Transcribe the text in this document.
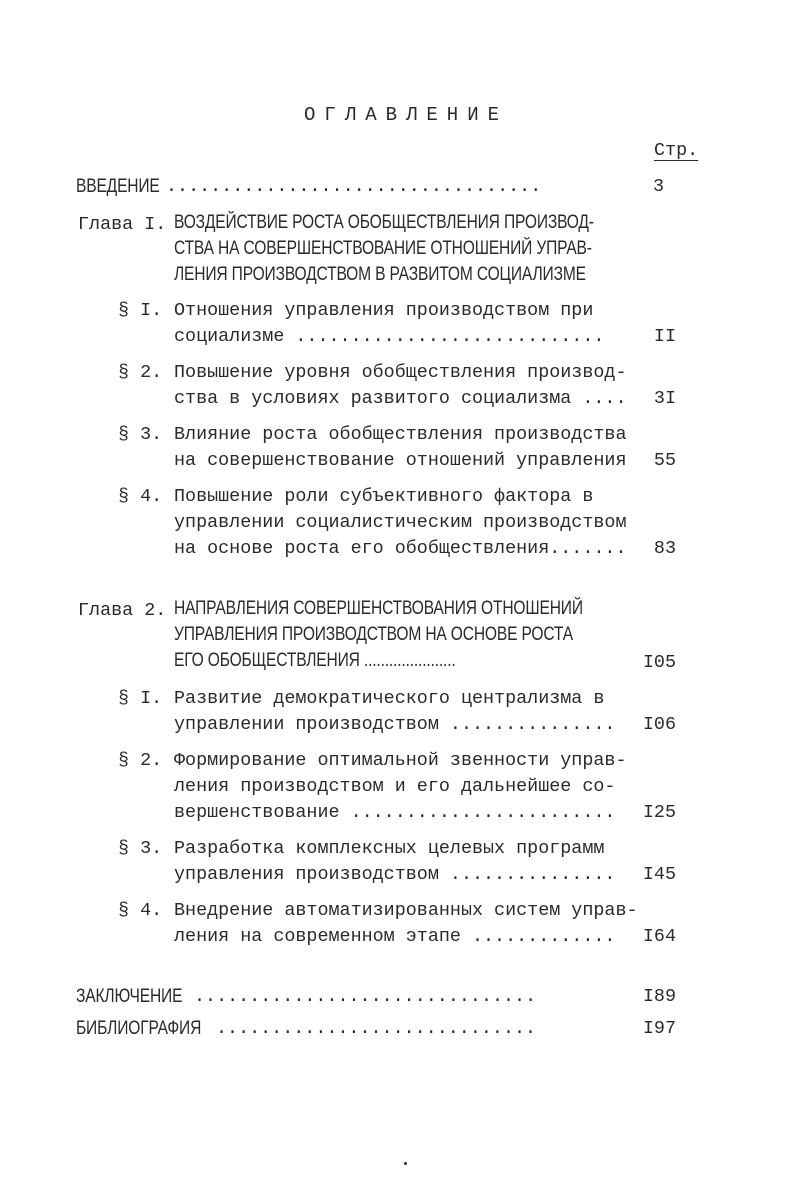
ОГЛАВЛЕНИЕ
Стр.
ВВЕДЕНИЕ ..................................	3
Глава I. ВОЗДЕЙСТВИЕ РОСТА ОБОБЩЕСТВЛЕНИЯ ПРОИЗВОД-
СТВА НА СОВЕРШЕНСТВОВАНИЕ ОТНОШЕНИЙ УПРАВ-
ЛЕНИЯ ПРОИЗВОДСТВОМ В РАЗВИТОМ СОЦИАЛИЗМЕ
§ I. Отношения управления производством при
социализме ............................	II
§ 2. Повышение уровня обобществления производ-
ства в условиях развитого социализма ....	3I
§ 3. Влияние роста обобществления производства
на совершенствование отношений управления	55
§ 4. Повышение роли субъективного фактора в
управлении социалистическим производством
на основе роста его обобществления.......	83
Глава 2. НАПРАВЛЕНИЯ СОВЕРШЕНСТВОВАНИЯ ОТНОШЕНИЙ
УПРАВЛЕНИЯ ПРОИЗВОДСТВОМ НА ОСНОВЕ РОСТА
ЕГО ОБОБЩЕСТВЛЕНИЯ ......................	I05
§ I. Развитие демократического централизма в
управлении производством ...............	I06
§ 2. Формирование оптимальной звенности управ-
ления производством и его дальнейшее со-
вершенствование ........................	I25
§ 3. Разработка комплексных целевых программ
управления производством ...............	I45
§ 4. Внедрение автоматизированных систем управ-
ления на современном этапе .............	I64
ЗАКЛЮЧЕНИЕ ...............................	I89
БИБЛИОГРАФИЯ .............................	I97
